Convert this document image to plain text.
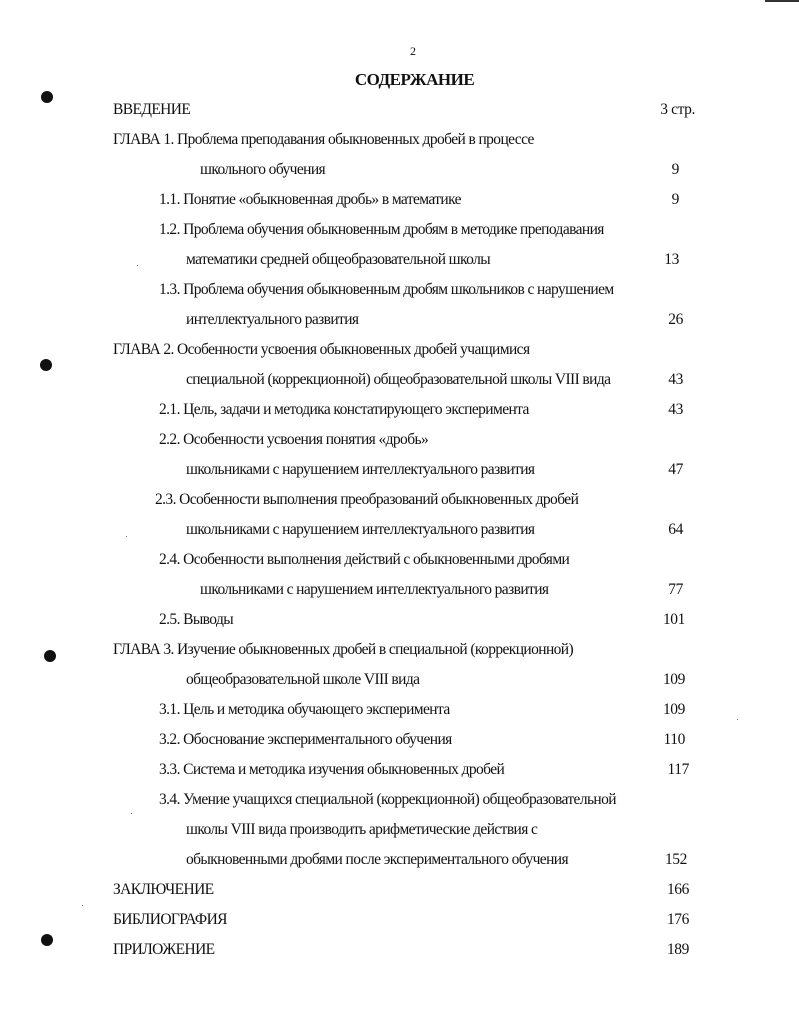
2
СОДЕРЖАНИЕ
ВВЕДЕНИЕ	3 стр.
ГЛАВА 1. Проблема преподавания обыкновенных дробей в процессе
школьного обучения	9
1.1. Понятие «обыкновенная дробь» в математике	9
1.2. Проблема обучения обыкновенным дробям в методике преподавания
математики средней общеобразовательной школы	13
1.3. Проблема обучения обыкновенным дробям школьников с нарушением
интеллектуального развития	26
ГЛАВА 2. Особенности усвоения обыкновенных дробей учащимися
специальной (коррекционной) общеобразовательной школы VIII вида	43
2.1. Цель, задачи и методика констатирующего эксперимента	43
2.2. Особенности усвоения понятия «дробь»
школьниками с нарушением интеллектуального развития	47
2.3. Особенности выполнения преобразований обыкновенных дробей
школьниками с нарушением интеллектуального развития	64
2.4. Особенности выполнения действий с обыкновенными дробями
школьниками с нарушением интеллектуального развития	77
2.5. Выводы	101
ГЛАВА 3. Изучение обыкновенных дробей в специальной (коррекционной)
общеобразовательной школе VIII вида	109
3.1. Цель и методика обучающего эксперимента	109
3.2. Обоснование экспериментального обучения	110
3.3. Система и методика изучения обыкновенных дробей	117
3.4. Умение учащихся специальной (коррекционной) общеобразовательной
школы VIII вида производить арифметические действия с
обыкновенными дробями после экспериментального обучения	152
ЗАКЛЮЧЕНИЕ	166
БИБЛИОГРАФИЯ	176
ПРИЛОЖЕНИЕ	189
